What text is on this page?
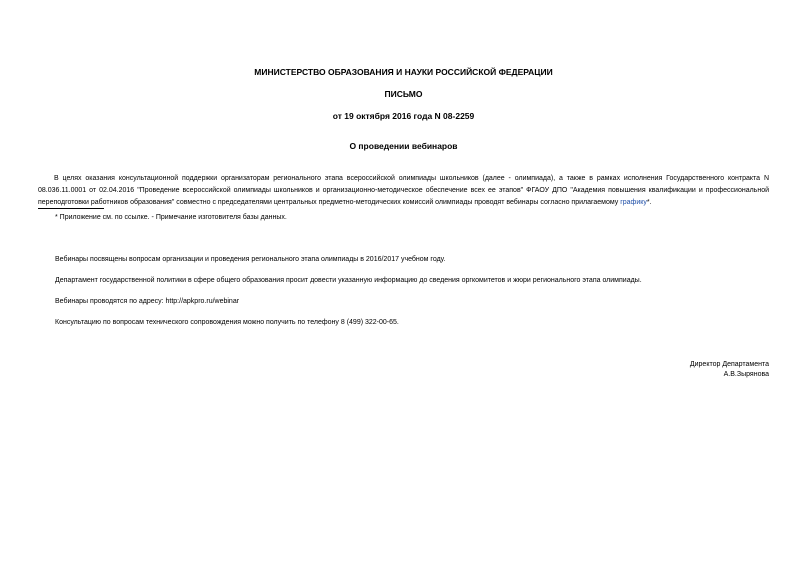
МИНИСТЕРСТВО ОБРАЗОВАНИЯ И НАУКИ РОССИЙСКОЙ ФЕДЕРАЦИИ
ПИСЬМО
от 19 октября 2016 года N 08-2259
О проведении вебинаров
В целях оказания консультационной поддержки организаторам регионального этапа всероссийской олимпиады школьников (далее - олимпиада), а также в рамках исполнения Государственного контракта N 08.036.11.0001 от 02.04.2016 "Проведение всероссийской олимпиады школьников и организационно-методическое обеспечение всех ее этапов" ФГАОУ ДПО "Академия повышения квалификации и профессиональной переподготовки работников образования" совместно с председателями центральных предметно-методических комиссий олимпиады проводят вебинары согласно прилагаемому графику*.
* Приложение см. по ссылке. - Примечание изготовителя базы данных.
Вебинары посвящены вопросам организации и проведения регионального этапа олимпиады в 2016/2017 учебном году.
Департамент государственной политики в сфере общего образования просит довести указанную информацию до сведения оргкомитетов и жюри регионального этапа олимпиады.
Вебинары проводятся по адресу: http://apkpro.ru/webinar
Консультацию по вопросам технического сопровождения можно получить по телефону 8 (499) 322-00-65.
Директор Департамента
А.В.Зырянова
